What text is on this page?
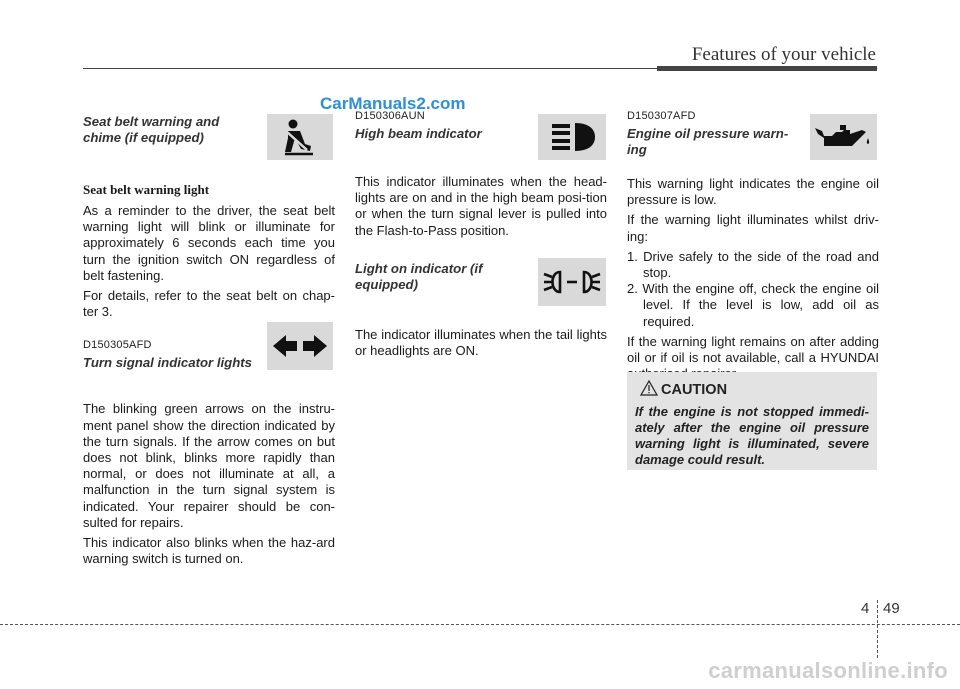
Features of your vehicle
CarManuals2.com
Seat belt warning and chime (if equipped)
Seat belt warning light

As a reminder to the driver, the seat belt warning light will blink or illuminate for approximately 6 seconds each time you turn the ignition switch ON regardless of belt fastening.

For details, refer to the seat belt on chap-ter 3.

D150305AFD
Turn signal indicator lights

The blinking green arrows on the instru-ment panel show the direction indicated by the turn signals. If the arrow comes on but does not blink, blinks more rapidly than normal, or does not illuminate at all, a malfunction in the turn signal system is indicated. Your repairer should be con-sulted for repairs.

This indicator also blinks when the haz-ard warning switch is turned on.

D150306AUN
High beam indicator

This indicator illuminates when the head-lights are on and in the high beam posi-tion or when the turn signal lever is pulled into the Flash-to-Pass position.

Light on indicator (if equipped)

The indicator illuminates when the tail lights or headlights are ON.

D150307AFD
Engine oil pressure warn-ing

This warning light indicates the engine oil pressure is low.

If the warning light illuminates whilst driv-ing:

1. Drive safely to the side of the road and stop.
2. With the engine off, check the engine oil level. If the level is low, add oil as required.

If the warning light remains on after adding oil or if oil is not available, call a HYUNDAI

CAUTION
If the engine is not stopped immedi-ately after the engine oil pressure warning light is illuminated, severe damage could result.
4 49
carmanualsonline.info
